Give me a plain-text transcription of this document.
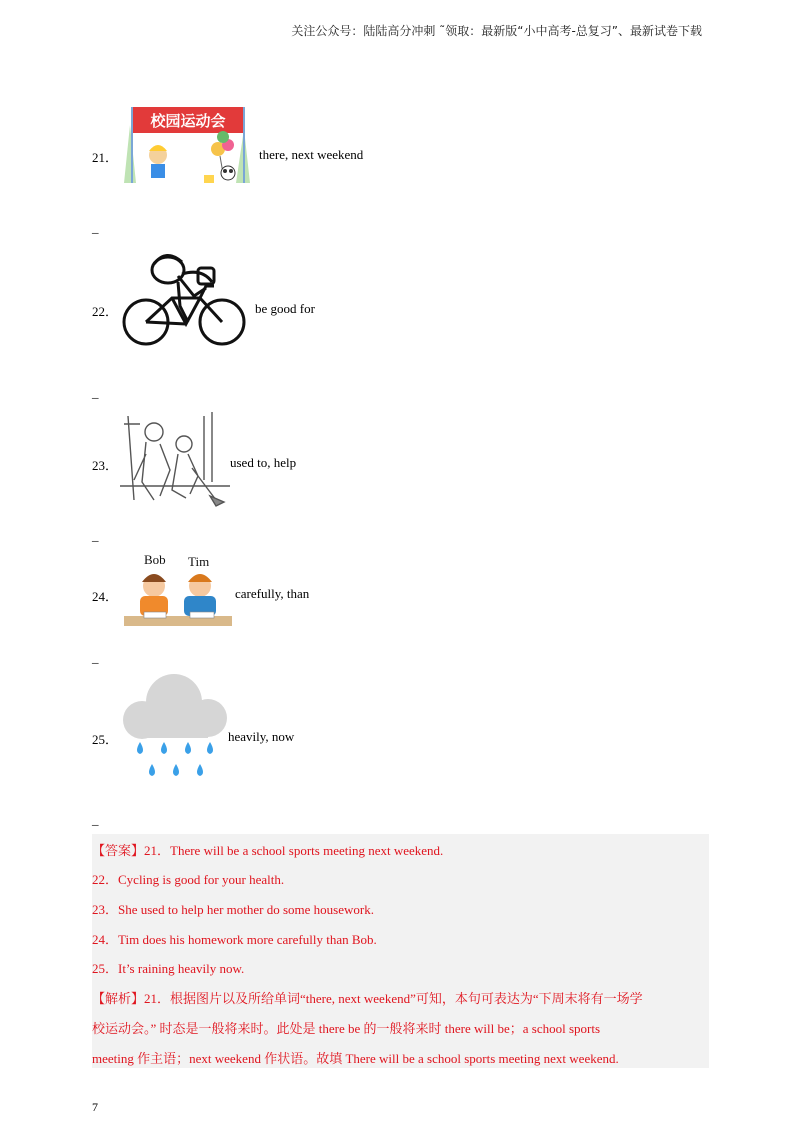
关注公众号：陆陆高分冲刺 ˜领取：最新版“小中高考-总复习”、最新试卷下载
21．
校园运动会
there, next weekend
_
22．	be good for
_
23．	used to, help
_
24．
Bob Tim
carefully, than
_
25．	heavily, now
_
【答案】21．There will be a school sports meeting next weekend.
22．Cycling is good for your health.
23．She used to help her mother do some housework.
24．Tim does his homework more carefully than Bob.
25．It’s raining heavily now.
【解析】21．根据图片以及所给单词“there, next weekend”可知，本句可表达为“下周末将有一场学
校运动会。” 时态是一般将来时。此处是 there be 的一般将来时 there will be；a school sports
meeting 作主语；next weekend 作状语。故填 There will be a school sports meeting next weekend.
7
